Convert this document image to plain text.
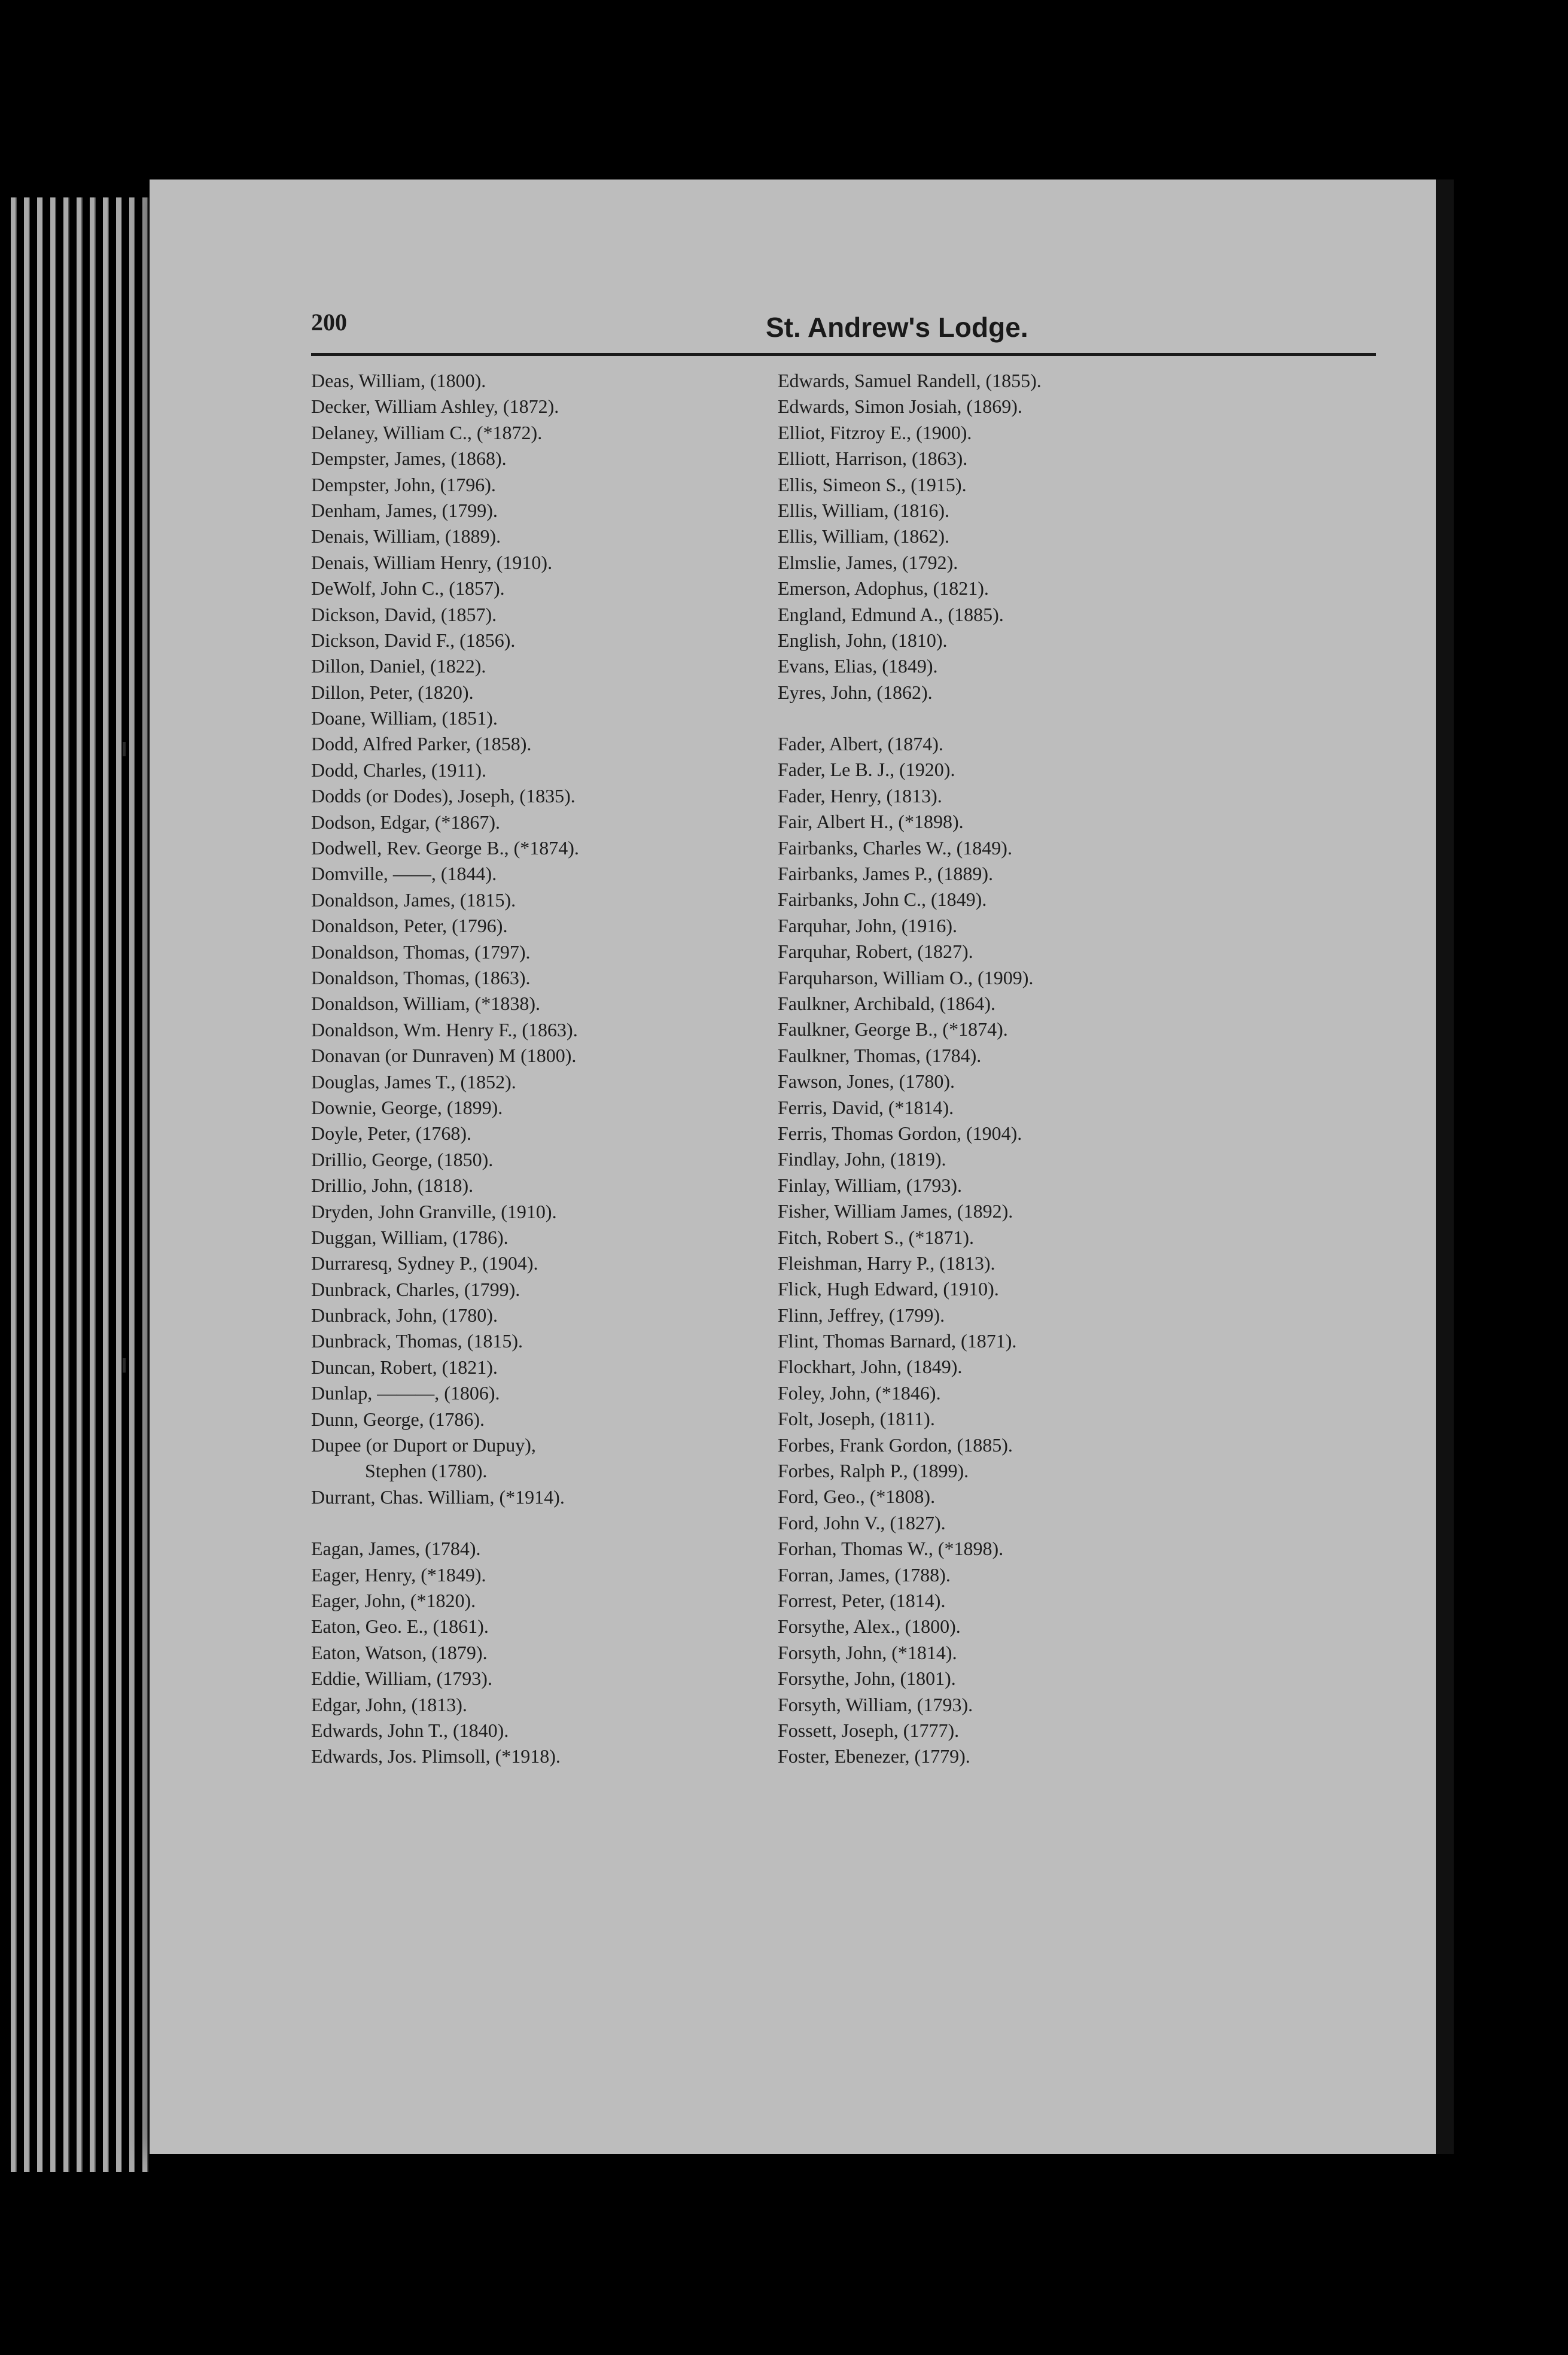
200	St. Andrew's Lodge.
Deas, William, (1800).
Decker, William Ashley, (1872).
Delaney, William C., (*1872).
Dempster, James, (1868).
Dempster, John, (1796).
Denham, James, (1799).
Denais, William, (1889).
Denais, William Henry, (1910).
DeWolf, John C., (1857).
Dickson, David, (1857).
Dickson, David F., (1856).
Dillon, Daniel, (1822).
Dillon, Peter, (1820).
Doane, William, (1851).
Dodd, Alfred Parker, (1858).
Dodd, Charles, (1911).
Dodds (or Dodes), Joseph, (1835).
Dodson, Edgar, (*1867).
Dodwell, Rev. George B., (*1874).
Domville, ——, (1844).
Donaldson, James, (1815).
Donaldson, Peter, (1796).
Donaldson, Thomas, (1797).
Donaldson, Thomas, (1863).
Donaldson, William, (*1838).
Donaldson, Wm. Henry F., (1863).
Donavan (or Dunraven) M (1800).
Douglas, James T., (1852).
Downie, George, (1899).
Doyle, Peter, (1768).
Drillio, George, (1850).
Drillio, John, (1818).
Dryden, John Granville, (1910).
Duggan, William, (1786).
Durraresq, Sydney P., (1904).
Dunbrack, Charles, (1799).
Dunbrack, John, (1780).
Dunbrack, Thomas, (1815).
Duncan, Robert, (1821).
Dunlap, ———, (1806).
Dunn, George, (1786).
Dupee (or Duport or Dupuy),
Stephen (1780).
Durrant, Chas. William, (*1914).
Eagan, James, (1784).
Eager, Henry, (*1849).
Eager, John, (*1820).
Eaton, Geo. E., (1861).
Eaton, Watson, (1879).
Eddie, William, (1793).
Edgar, John, (1813).
Edwards, John T., (1840).
Edwards, Jos. Plimsoll, (*1918).
Edwards, Samuel Randell, (1855).
Edwards, Simon Josiah, (1869).
Elliot, Fitzroy E., (1900).
Elliott, Harrison, (1863).
Ellis, Simeon S., (1915).
Ellis, William, (1816).
Ellis, William, (1862).
Elmslie, James, (1792).
Emerson, Adophus, (1821).
England, Edmund A., (1885).
English, John, (1810).
Evans, Elias, (1849).
Eyres, John, (1862).
Fader, Albert, (1874).
Fader, Le B. J., (1920).
Fader, Henry, (1813).
Fair, Albert H., (*1898).
Fairbanks, Charles W., (1849).
Fairbanks, James P., (1889).
Fairbanks, John C., (1849).
Farquhar, John, (1916).
Farquhar, Robert, (1827).
Farquharson, William O., (1909).
Faulkner, Archibald, (1864).
Faulkner, George B., (*1874).
Faulkner, Thomas, (1784).
Fawson, Jones, (1780).
Ferris, David, (*1814).
Ferris, Thomas Gordon, (1904).
Findlay, John, (1819).
Finlay, William, (1793).
Fisher, William James, (1892).
Fitch, Robert S., (*1871).
Fleishman, Harry P., (1813).
Flick, Hugh Edward, (1910).
Flinn, Jeffrey, (1799).
Flint, Thomas Barnard, (1871).
Flockhart, John, (1849).
Foley, John, (*1846).
Folt, Joseph, (1811).
Forbes, Frank Gordon, (1885).
Forbes, Ralph P., (1899).
Ford, Geo., (*1808).
Ford, John V., (1827).
Forhan, Thomas W., (*1898).
Forran, James, (1788).
Forrest, Peter, (1814).
Forsythe, Alex., (1800).
Forsyth, John, (*1814).
Forsythe, John, (1801).
Forsyth, William, (1793).
Fossett, Joseph, (1777).
Foster, Ebenezer, (1779).
